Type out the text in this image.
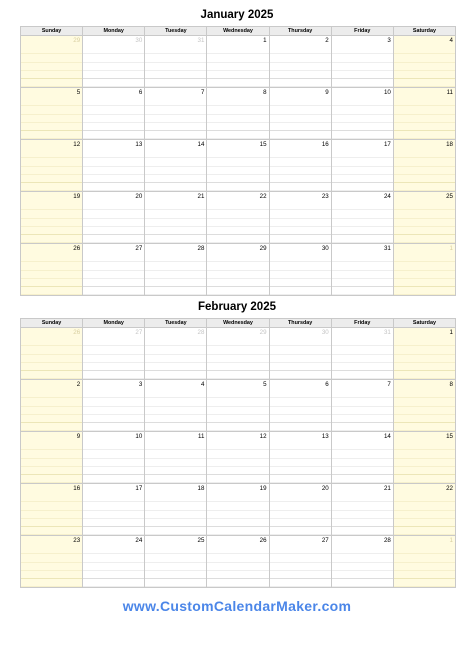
January 2025
Sunday	Monday	Tuesday	Wednesday	Thursday	Friday	Saturday

29	30	31	1	2	3	4

5	6	7	8	9	10	11

12	13	14	15	16	17	18

19	20	21	22	23	24	25

26	27	28	29	30	31	1
February 2025
Sunday	Monday	Tuesday	Wednesday	Thursday	Friday	Saturday

26	27	28	29	30	31	1

2	3	4	5	6	7	8

9	10	11	12	13	14	15

16	17	18	19	20	21	22

23	24	25	26	27	28	1
www.CustomCalendarMaker.com
